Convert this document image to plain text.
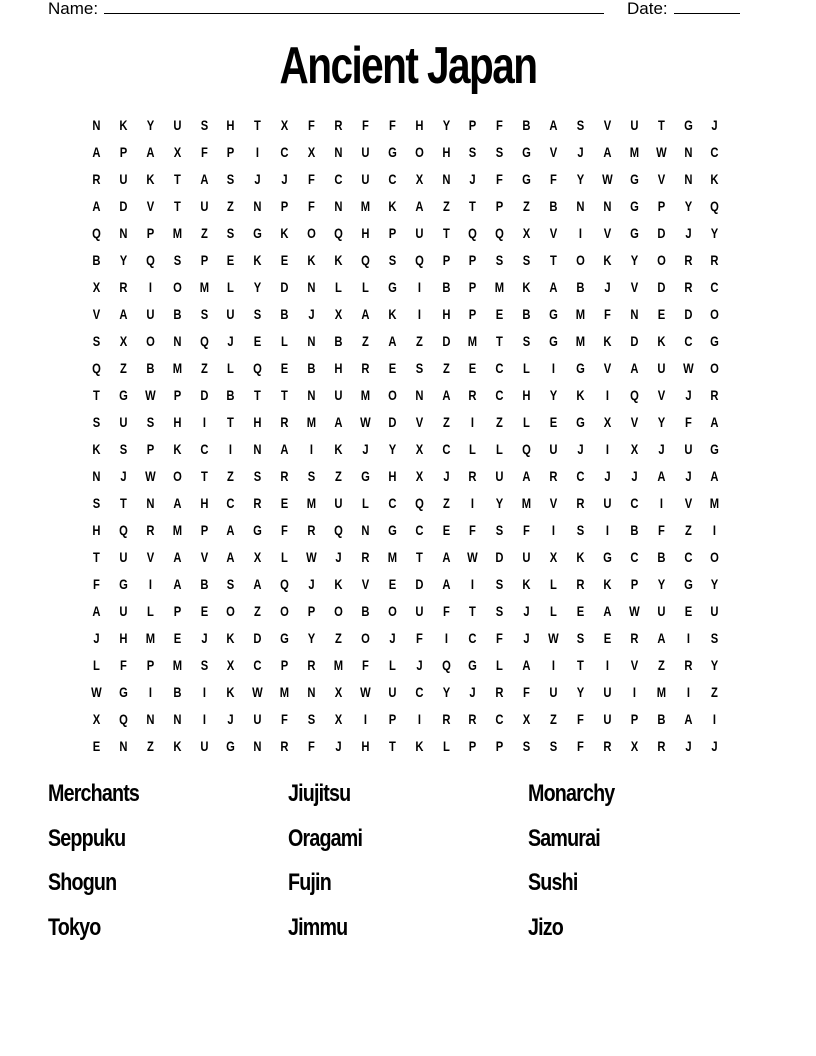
Name:	Date:
Ancient Japan
N	K	Y	U	S	H	T	X	F	R	F	F	H	Y	P	F	B	A	S	V	U	T	G	J
A	P	A	X	F	P	I	C	X	N	U	G	O	H	S	S	G	V	J	A	M	W	N	C
R	U	K	T	A	S	J	J	F	C	U	C	X	N	J	F	G	F	Y	W	G	V	N	K
A	D	V	T	U	Z	N	P	F	N	M	K	A	Z	T	P	Z	B	N	N	G	P	Y	Q
Q	N	P	M	Z	S	G	K	O	Q	H	P	U	T	Q	Q	X	V	I	V	G	D	J	Y
B	Y	Q	S	P	E	K	E	K	K	Q	S	Q	P	P	S	S	T	O	K	Y	O	R	R
X	R	I	O	M	L	Y	D	N	L	L	G	I	B	P	M	K	A	B	J	V	D	R	C
V	A	U	B	S	U	S	B	J	X	A	K	I	H	P	E	B	G	M	F	N	E	D	O
S	X	O	N	Q	J	E	L	N	B	Z	A	Z	D	M	T	S	G	M	K	D	K	C	G
Q	Z	B	M	Z	L	Q	E	B	H	R	E	S	Z	E	C	L	I	G	V	A	U	W	O
T	G	W	P	D	B	T	T	N	U	M	O	N	A	R	C	H	Y	K	I	Q	V	J	R
S	U	S	H	I	T	H	R	M	A	W	D	V	Z	I	Z	L	E	G	X	V	Y	F	A
K	S	P	K	C	I	N	A	I	K	J	Y	X	C	L	L	Q	U	J	I	X	J	U	G
N	J	W	O	T	Z	S	R	S	Z	G	H	X	J	R	U	A	R	C	J	J	A	J	A
S	T	N	A	H	C	R	E	M	U	L	C	Q	Z	I	Y	M	V	R	U	C	I	V	M
H	Q	R	M	P	A	G	F	R	Q	N	G	C	E	F	S	F	I	S	I	B	F	Z	I
T	U	V	A	V	A	X	L	W	J	R	M	T	A	W	D	U	X	K	G	C	B	C	O
F	G	I	A	B	S	A	Q	J	K	V	E	D	A	I	S	K	L	R	K	P	Y	G	Y
A	U	L	P	E	O	Z	O	P	O	B	O	U	F	T	S	J	L	E	A	W	U	E	U
J	H	M	E	J	K	D	G	Y	Z	O	J	F	I	C	F	J	W	S	E	R	A	I	S
L	F	P	M	S	X	C	P	R	M	F	L	J	Q	G	L	A	I	T	I	V	Z	R	Y
W	G	I	B	I	K	W	M	N	X	W	U	C	Y	J	R	F	U	Y	U	I	M	I	Z
X	Q	N	N	I	J	U	F	S	X	I	P	I	R	R	C	X	Z	F	U	P	B	A	I
E	N	Z	K	U	G	N	R	F	J	H	T	K	L	P	P	S	S	F	R	X	R	J	J
Merchants	Jiujitsu	Monarchy
Seppuku	Oragami	Samurai
Shogun	Fujin	Sushi
Tokyo	Jimmu	Jizo
